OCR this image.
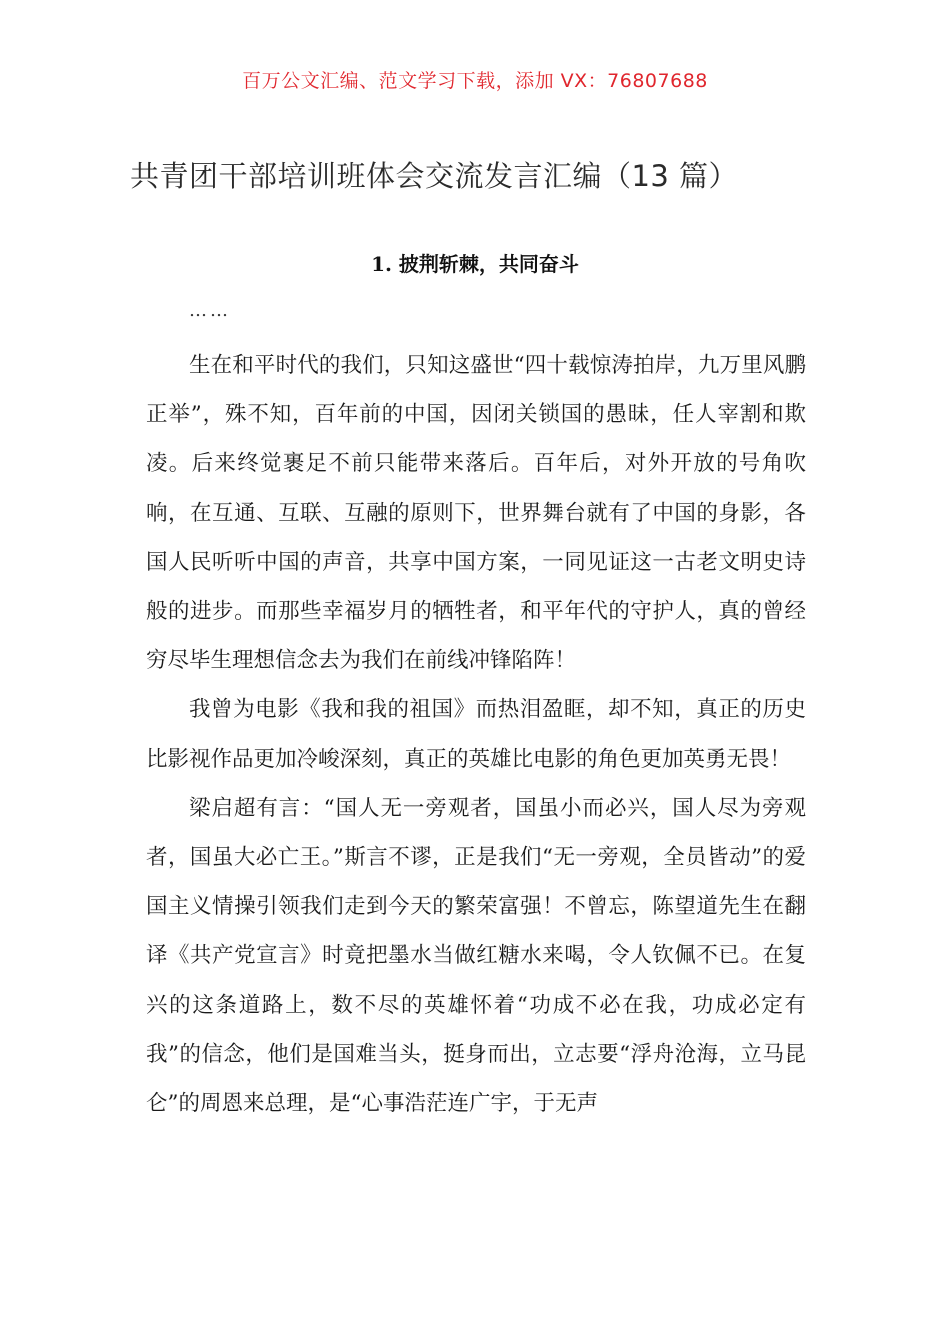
百万公文汇编、范文学习下载，添加 VX：76807688
共青团干部培训班体会交流发言汇编（13 篇）
1. 披荆斩棘，共同奋斗
……

生在和平时代的我们，只知这盛世“四十载惊涛拍岸，九万里风鹏正举”，殊不知，百年前的中国，因闭关锁国的愚昧，任人宰割和欺凌。后来终觉裹足不前只能带来落后。百年后，对外开放的号角吹响，在互通、互联、互融的原则下，世界舞台就有了中国的身影，各国人民听听中国的声音，共享中国方案，一同见证这一古老文明史诗般的进步。而那些幸福岁月的牺牲者，和平年代的守护人，真的曾经穷尽毕生理想信念去为我们在前线冲锋陷阵！

我曾为电影《我和我的祖国》而热泪盈眶，却不知，真正的历史比影视作品更加冷峻深刻，真正的英雄比电影的角色更加英勇无畏！

梁启超有言：“国人无一旁观者，国虽小而必兴，国人尽为旁观者，国虽大必亡王。”斯言不谬，正是我们“无一旁观，全员皆动”的爱国主义情操引领我们走到今天的繁荣富强！不曾忘，陈望道先生在翻译《共产党宣言》时竟把墨水当做红糖水来喝，令人钦佩不已。在复兴的这条道路上，数不尽的英雄怀着“功成不必在我，功成必定有我”的信念，他们是国难当头，挺身而出，立志要“浮舟沧海，立马昆仑”的周恩来总理，是“心事浩茫连广宇，于无声
